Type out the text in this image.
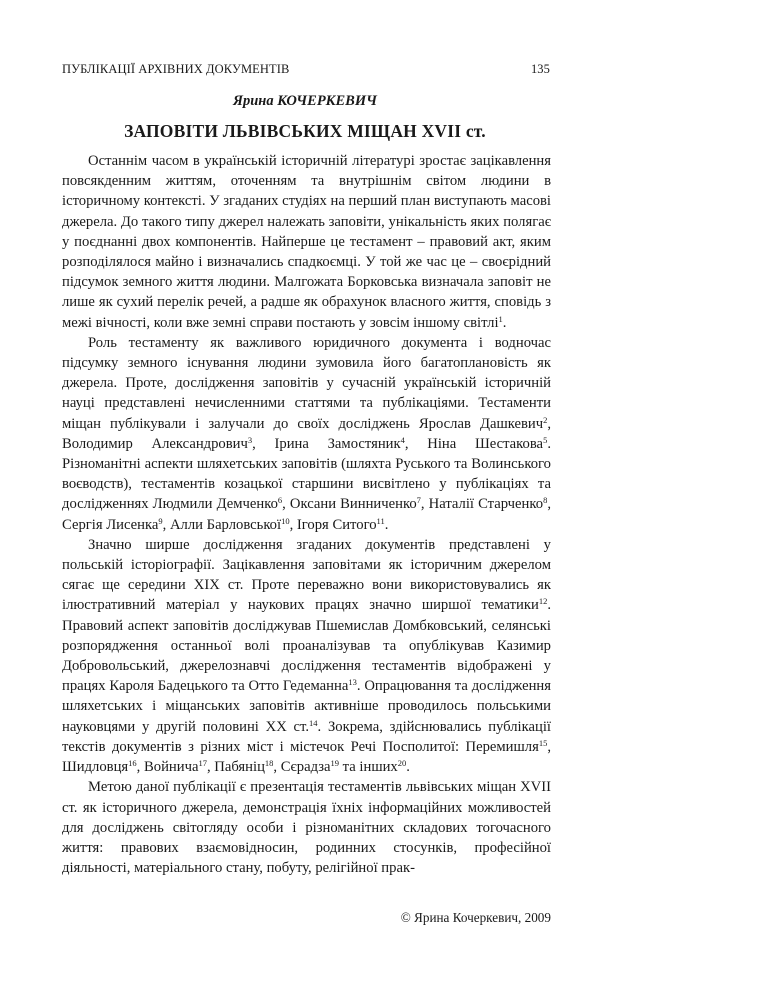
ПУБЛІКАЦІЇ АРХІВНИХ ДОКУМЕНТІВ	135
Ярина КОЧЕРКЕВИЧ
ЗАПОВІТИ ЛЬВІВСЬКИХ МІЩАН XVII ст.

Останнім часом в українській історичній літературі зростає зацікавлення повсякденним життям, оточенням та внутрішнім світом людини в історичному контексті. У згаданих студіях на перший план виступають масові джерела. До такого типу джерел належать заповіти, унікальність яких полягає у поєднанні двох компонентів. Найперше це тестамент – правовий акт, яким розподілялося майно і визначались спадкоємці. У той же час це – своєрідний підсумок земного життя людини. Малгожата Борковська визначала заповіт не лише як сухий перелік речей, а радше як обрахунок власного життя, сповідь з межі вічності, коли вже земні справи постають у зовсім іншому світлі$^1$.

Роль тестаменту як важливого юридичного документа і водночас підсумку земного існування людини зумовила його багатоплановість як джерела. Проте, дослідження заповітів у сучасній українській історичній науці представлені нечисленними статтями та публікаціями. Тестаменти міщан публікували і залучали до своїх досліджень Ярослав Дашкевич$^2$, Володимир Александрович$^3$, Ірина Замостяник$^4$, Ніна Шестакова$^5$. Різноманітні аспекти шляхетських заповітів (шляхта Руського та Волинського воєводств), тестаментів козацької старшини висвітлено у публікаціях та дослідженнях Людмили Демченко$^6$, Оксани Винниченко$^7$, Наталії Старченко$^8$, Сергія Лисенка$^9$, Алли Барловської$^{10}$, Ігоря Ситого$^{11}$.

Значно ширше дослідження згаданих документів представлені у польській історіографії. Зацікавлення заповітами як історичним джерелом сягає ще середини XIX ст. Проте переважно вони використовувались як ілюстративний матеріал у наукових працях значно ширшої тематики$^{12}$. Правовий аспект заповітів досліджував Пшемислав Домбковський, селянські розпорядження останньої волі проаналізував та опублікував Казимир Добровольський, джерелознавчі дослідження тестаментів відображені у працях Кароля Бадецького та Отто Гедеманна$^{13}$. Опрацювання та дослідження шляхетських і міщанських заповітів активніше проводилось польськими науковцями у другій половині XX ст.$^{14}$. Зокрема, здійснювались публікації текстів документів з різних міст і містечок Речі Посполитої: Перемишля$^{15}$, Шидловця$^{16}$, Войнича$^{17}$, Пабяніц$^{18}$, Сєрадза$^{19}$ та інших$^{20}$.

Метою даної публікації є презентація тестаментів львівських міщан XVII ст. як історичного джерела, демонстрація їхніх інформаційних можливостей для досліджень світогляду особи і різноманітних складових тогочасного життя: правових взаємовідносин, родинних стосунків, професійної діяльності, матеріального стану, побуту, релігійної прак-

© Ярина Кочеркевич, 2009
